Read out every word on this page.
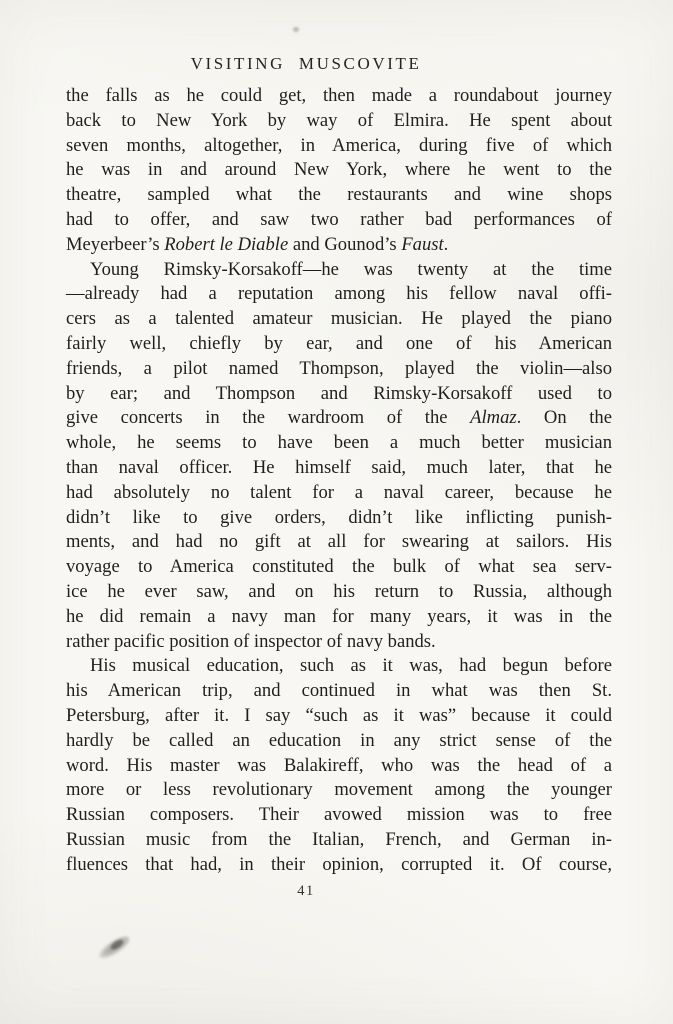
VISITING MUSCOVITE
the falls as he could get, then made a roundabout journey
back to New York by way of Elmira. He spent about
seven months, altogether, in America, during five of which
he was in and around New York, where he went to the
theatre, sampled what the restaurants and wine shops
had to offer, and saw two rather bad performances of
Meyerbeer’s Robert le Diable and Gounod’s Faust.
Young Rimsky-Korsakoff—he was twenty at the time
—already had a reputation among his fellow naval offi-
cers as a talented amateur musician. He played the piano
fairly well, chiefly by ear, and one of his American
friends, a pilot named Thompson, played the violin—also
by ear; and Thompson and Rimsky-Korsakoff used to
give concerts in the wardroom of the Almaz. On the
whole, he seems to have been a much better musician
than naval officer. He himself said, much later, that he
had absolutely no talent for a naval career, because he
didn’t like to give orders, didn’t like inflicting punish-
ments, and had no gift at all for swearing at sailors. His
voyage to America constituted the bulk of what sea serv-
ice he ever saw, and on his return to Russia, although
he did remain a navy man for many years, it was in the
rather pacific position of inspector of navy bands.
His musical education, such as it was, had begun before
his American trip, and continued in what was then St.
Petersburg, after it. I say “such as it was” because it could
hardly be called an education in any strict sense of the
word. His master was Balakireff, who was the head of a
more or less revolutionary movement among the younger
Russian composers. Their avowed mission was to free
Russian music from the Italian, French, and German in-
fluences that had, in their opinion, corrupted it. Of course,
41
